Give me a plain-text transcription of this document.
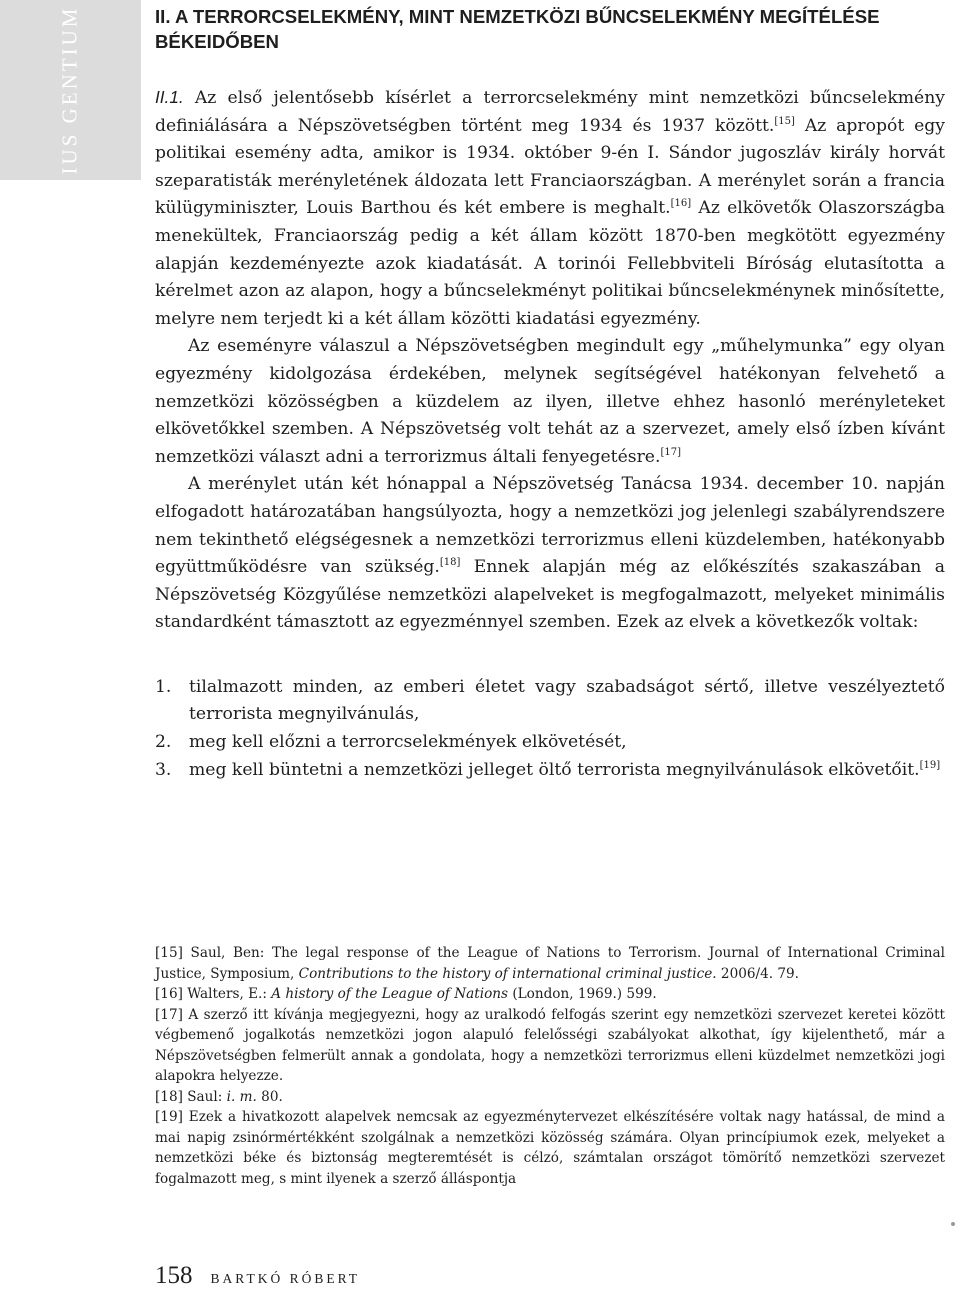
IUS GENTIUM	II. A TERRORCSELEKMÉNY, MINT NEMZETKÖZI BŰNCSELEKMÉNY MEGÍTÉLÉSE BÉKEIDŐBEN

II.1. Az első jelentősebb kísérlet a terrorcselekmény mint nemzetközi bűncselekmény definiálására a Népszövetségben történt meg 1934 és 1937 között.[15] Az apropót egy politikai esemény adta, amikor is 1934. október 9-én I. Sándor jugoszláv király horvát szeparatisták merényletének áldozata lett Franciaországban. A merénylet során a francia külügyminiszter, Louis Barthou és két embere is meghalt.[16] Az elkövetők Olaszországba menekültek, Franciaország pedig a két állam között 1870-ben megkötött egyezmény alapján kezdeményezte azok kiadatását. A torinói Fellebbviteli Bíróság elutasította a kérelmet azon az alapon, hogy a bűncselekményt politikai bűncselekménynek minősítette, melyre nem terjedt ki a két állam közötti kiadatási egyezmény.

Az eseményre válaszul a Népszövetségben megindult egy „műhelymunka” egy olyan egyezmény kidolgozása érdekében, melynek segítségével hatékonyan felvehető a nemzetközi közösségben a küzdelem az ilyen, illetve ehhez hasonló merényleteket elkövetőkkel szemben. A Népszövetség volt tehát az a szervezet, amely első ízben kívánt nemzetközi választ adni a terrorizmus általi fenyegetésre.[17]

A merénylet után két hónappal a Népszövetség Tanácsa 1934. december 10. napján elfogadott határozatában hangsúlyozta, hogy a nemzetközi jog jelenlegi szabályrendszere nem tekinthető elégségesnek a nemzetközi terrorizmus elleni küzdelemben, hatékonyabb együttműködésre van szükség.[18] Ennek alapján még az előkészítés szakaszában a Népszövetség Közgyűlése nemzetközi alapelveket is megfogalmazott, melyeket minimális standardként támasztott az egyezménnyel szemben. Ezek az elvek a következők voltak:

1.	tilalmazott minden, az emberi életet vagy szabadságot sértő, illetve veszélyeztető terrorista megnyilvánulás,
2.	meg kell előzni a terrorcselekmények elkövetését,
3.	meg kell büntetni a nemzetközi jelleget öltő terrorista megnyilvánulások elkövetőit.[19]

[15] Saul, Ben: The legal response of the League of Nations to Terrorism. Journal of International Criminal Justice, Symposium, Contributions to the history of international criminal justice. 2006/4. 79.

[16] Walters, E.: A history of the League of Nations (London, 1969.) 599.

[17] A szerző itt kívánja megjegyezni, hogy az uralkodó felfogás szerint egy nemzetközi szervezet keretei között végbemenő jogalkotás nemzetközi jogon alapuló felelősségi szabályokat alkothat, így kijelenthető, már a Népszövetségben felmerült annak a gondolata, hogy a nemzetközi terrorizmus elleni küzdelmet nemzetközi jogi alapokra helyezze.

[18] Saul: i. m. 80.

[19] Ezek a hivatkozott alapelvek nemcsak az egyezménytervezet elkészítésére voltak nagy hatással, de mind a mai napig zsinórmértékként szolgálnak a nemzetközi közösség számára. Olyan princípiumok ezek, melyeket a nemzetközi béke és biztonság megteremtését is célzó, számtalan országot tömörítő nemzetközi szervezet fogalmazott meg, s mint ilyenek a szerző álláspontja

158 BARTKÓ RÓBERT
